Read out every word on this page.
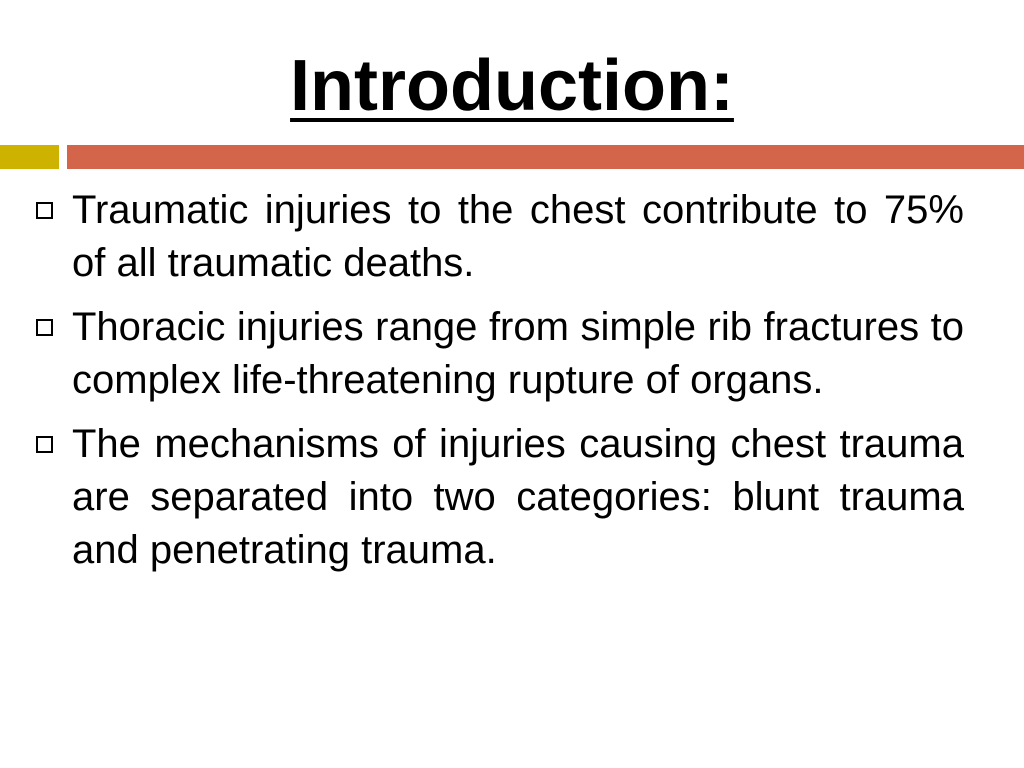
Introduction:
Traumatic injuries to the chest contribute to 75% of all traumatic deaths.
Thoracic injuries range from simple rib fractures to complex life-threatening rupture of organs.
The mechanisms of injuries causing chest trauma are separated into two categories: blunt trauma and penetrating trauma.
